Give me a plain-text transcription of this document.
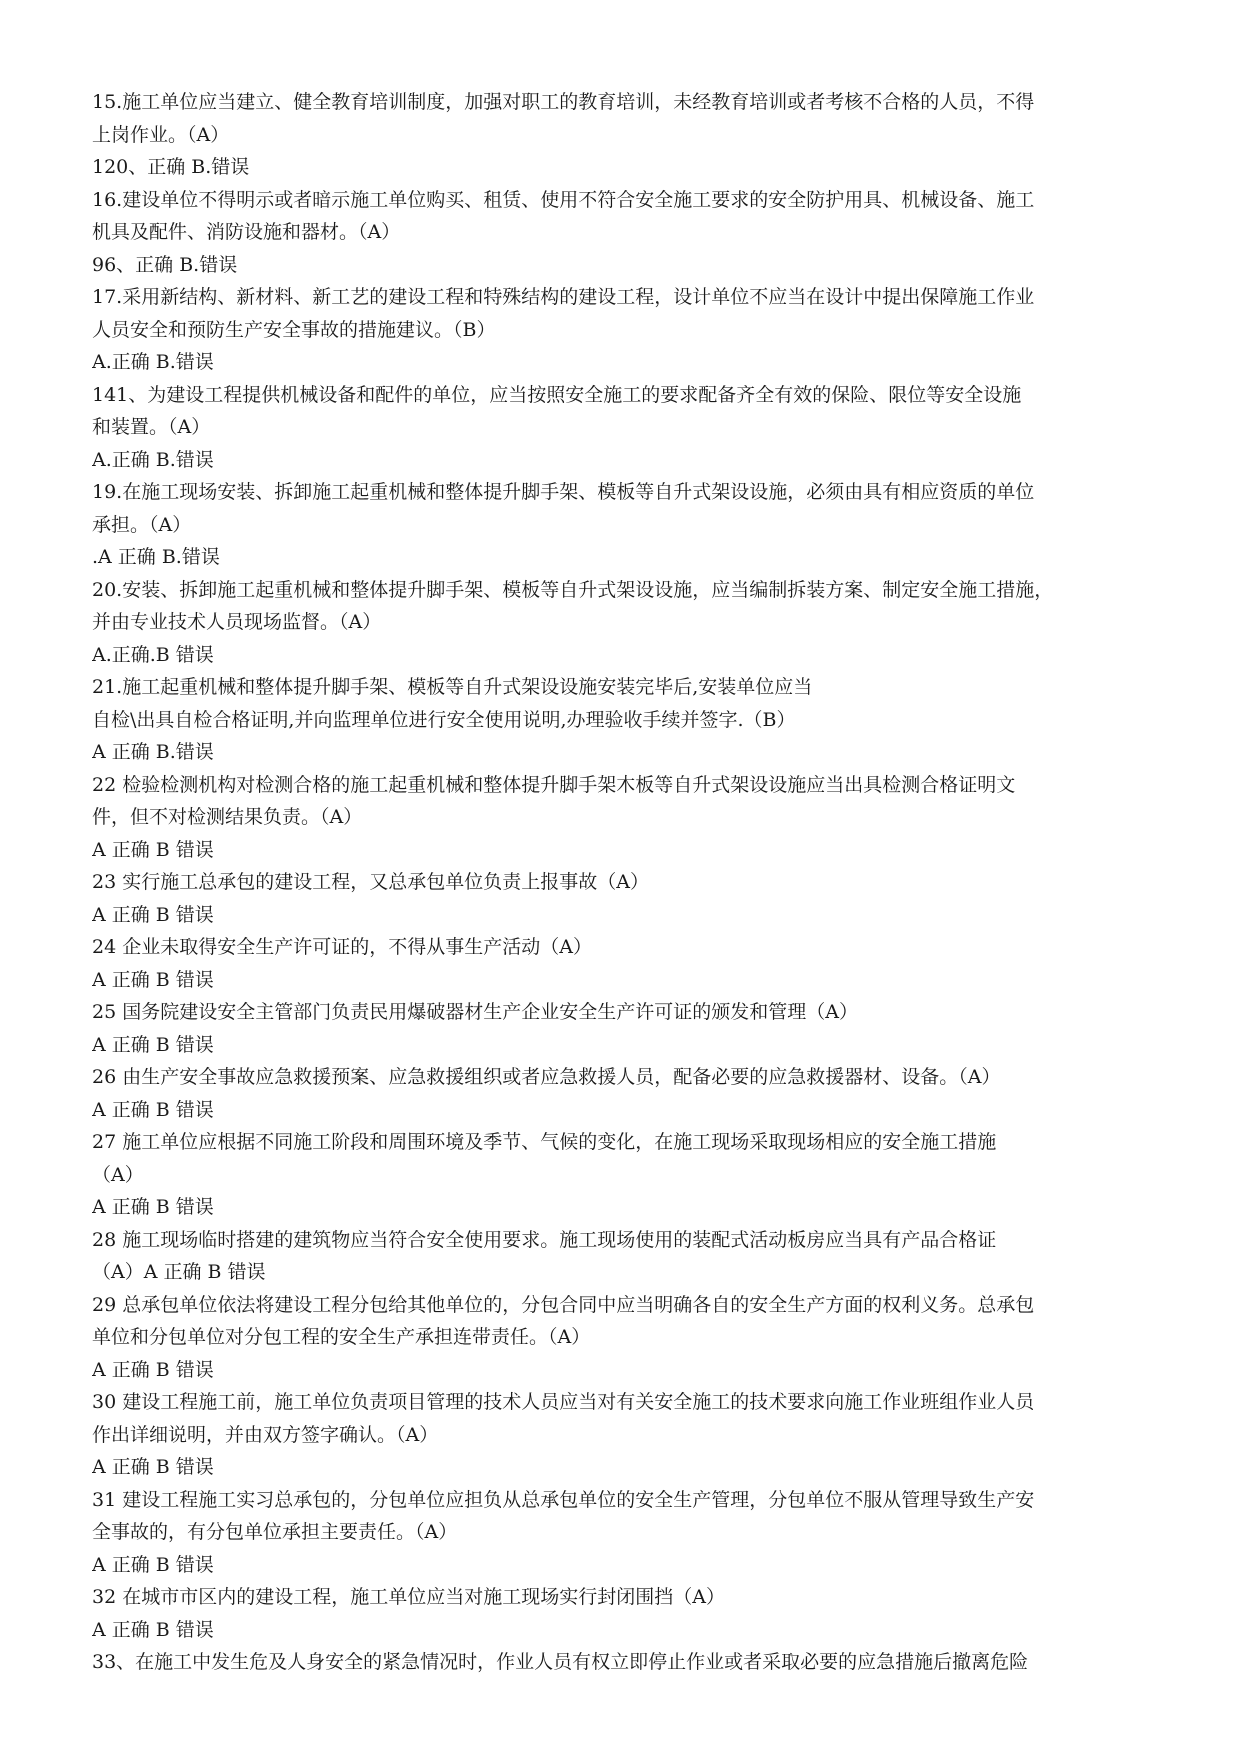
15.施工单位应当建立、健全教育培训制度，加强对职工的教育培训，未经教育培训或者考核不合格的人员，不得
上岗作业。（A）
120、正确 B.错误
16.建设单位不得明示或者暗示施工单位购买、租赁、使用不符合安全施工要求的安全防护用具、机械设备、施工
机具及配件、消防设施和器材。（A）
96、正确 B.错误
17.采用新结构、新材料、新工艺的建设工程和特殊结构的建设工程，设计单位不应当在设计中提出保障施工作业
人员安全和预防生产安全事故的措施建议。（B）
A.正确 B.错误
141、为建设工程提供机械设备和配件的单位，应当按照安全施工的要求配备齐全有效的保险、限位等安全设施
和装置。（A）
A.正确 B.错误
19.在施工现场安装、拆卸施工起重机械和整体提升脚手架、模板等自升式架设设施，必须由具有相应资质的单位
承担。（A）
.A 正确 B.错误
20.安装、拆卸施工起重机械和整体提升脚手架、模板等自升式架设设施，应当编制拆装方案、制定安全施工措施，
并由专业技术人员现场监督。（A）
A.正确.B 错误
21.施工起重机械和整体提升脚手架、模板等自升式架设设施安装完毕后,安装单位应当
自检\出具自检合格证明,并向监理单位进行安全使用说明,办理验收手续并签字.（B）
A 正确 B.错误
22 检验检测机构对检测合格的施工起重机械和整体提升脚手架木板等自升式架设设施应当出具检测合格证明文
件，但不对检测结果负责。（A）
A 正确 B 错误
23 实行施工总承包的建设工程，又总承包单位负责上报事故（A）
A 正确 B 错误
24 企业未取得安全生产许可证的，不得从事生产活动（A）
A 正确 B 错误
25 国务院建设安全主管部门负责民用爆破器材生产企业安全生产许可证的颁发和管理（A）
A 正确 B 错误
26 由生产安全事故应急救援预案、应急救援组织或者应急救援人员，配备必要的应急救援器材、设备。（A）
A 正确 B 错误
27 施工单位应根据不同施工阶段和周围环境及季节、气候的变化，在施工现场采取现场相应的安全施工措施
（A）
A 正确 B 错误
28 施工现场临时搭建的建筑物应当符合安全使用要求。施工现场使用的装配式活动板房应当具有产品合格证
（A）A 正确 B 错误
29 总承包单位依法将建设工程分包给其他单位的，分包合同中应当明确各自的安全生产方面的权利义务。总承包
单位和分包单位对分包工程的安全生产承担连带责任。（A）
A 正确 B 错误
30 建设工程施工前，施工单位负责项目管理的技术人员应当对有关安全施工的技术要求向施工作业班组作业人员
作出详细说明，并由双方签字确认。（A）
A 正确 B 错误
31 建设工程施工实习总承包的，分包单位应担负从总承包单位的安全生产管理，分包单位不服从管理导致生产安
全事故的，有分包单位承担主要责任。（A）
A 正确 B 错误
32 在城市市区内的建设工程，施工单位应当对施工现场实行封闭围挡（A）
A 正确 B 错误
33、在施工中发生危及人身安全的紧急情况时，作业人员有权立即停止作业或者采取必要的应急措施后撤离危险
